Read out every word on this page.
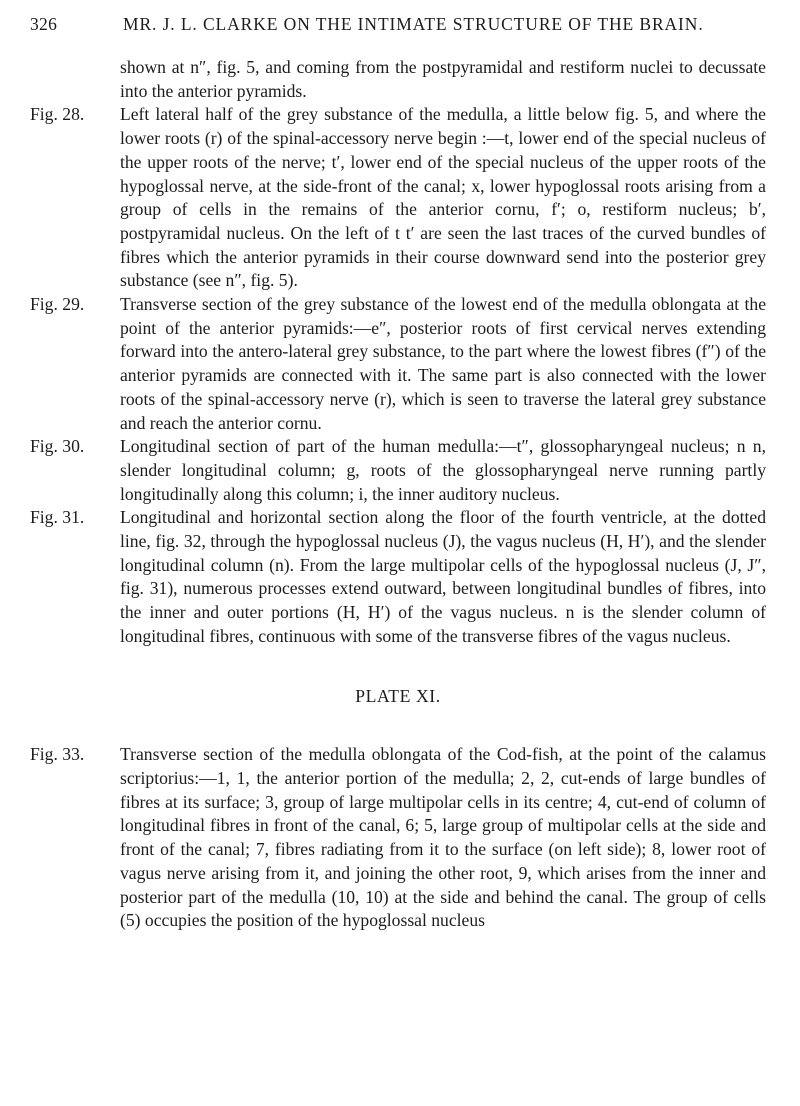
326	MR. J. L. CLARKE ON THE INTIMATE STRUCTURE OF THE BRAIN.

shown at n″, fig. 5, and coming from the postpyramidal and restiform nuclei to decussate into the anterior pyramids.

Fig. 28.	Left lateral half of the grey substance of the medulla, a little below fig. 5, and where the lower roots (r) of the spinal-accessory nerve begin :—t, lower end of the special nucleus of the upper roots of the nerve; t′, lower end of the special nucleus of the upper roots of the hypoglossal nerve, at the side-front of the canal; x, lower hypoglossal roots arising from a group of cells in the remains of the anterior cornu, f′; o, restiform nucleus; b′, postpyramidal nucleus. On the left of t t′ are seen the last traces of the curved bundles of fibres which the anterior pyramids in their course downward send into the posterior grey substance (see n″, fig. 5).
Fig. 29.	Transverse section of the grey substance of the lowest end of the medulla oblongata at the point of the anterior pyramids:—e″, posterior roots of first cervical nerves extending forward into the antero-lateral grey substance, to the part where the lowest fibres (f″) of the anterior pyramids are connected with it. The same part is also connected with the lower roots of the spinal-accessory nerve (r), which is seen to traverse the lateral grey substance and reach the anterior cornu.
Fig. 30.	Longitudinal section of part of the human medulla:—t″, glossopharyngeal nucleus; n n, slender longitudinal column; g, roots of the glossopharyngeal nerve running partly longitudinally along this column; i, the inner auditory nucleus.
Fig. 31.	Longitudinal and horizontal section along the floor of the fourth ventricle, at the dotted line, fig. 32, through the hypoglossal nucleus (J), the vagus nucleus (H, H′), and the slender longitudinal column (n). From the large multipolar cells of the hypoglossal nucleus (J, J″, fig. 31), numerous processes extend outward, between longitudinal bundles of fibres, into the inner and outer portions (H, H′) of the vagus nucleus. n is the slender column of longitudinal fibres, continuous with some of the transverse fibres of the vagus nucleus.
PLATE XI.
Fig. 33.	Transverse section of the medulla oblongata of the Cod-fish, at the point of the calamus scriptorius:—1, 1, the anterior portion of the medulla; 2, 2, cut-ends of large bundles of fibres at its surface; 3, group of large multipolar cells in its centre; 4, cut-end of column of longitudinal fibres in front of the canal, 6; 5, large group of multipolar cells at the side and front of the canal; 7, fibres radiating from it to the surface (on left side); 8, lower root of vagus nerve arising from it, and joining the other root, 9, which arises from the inner and posterior part of the medulla (10, 10) at the side and behind the canal. The group of cells (5) occupies the position of the hypoglossal nucleus
